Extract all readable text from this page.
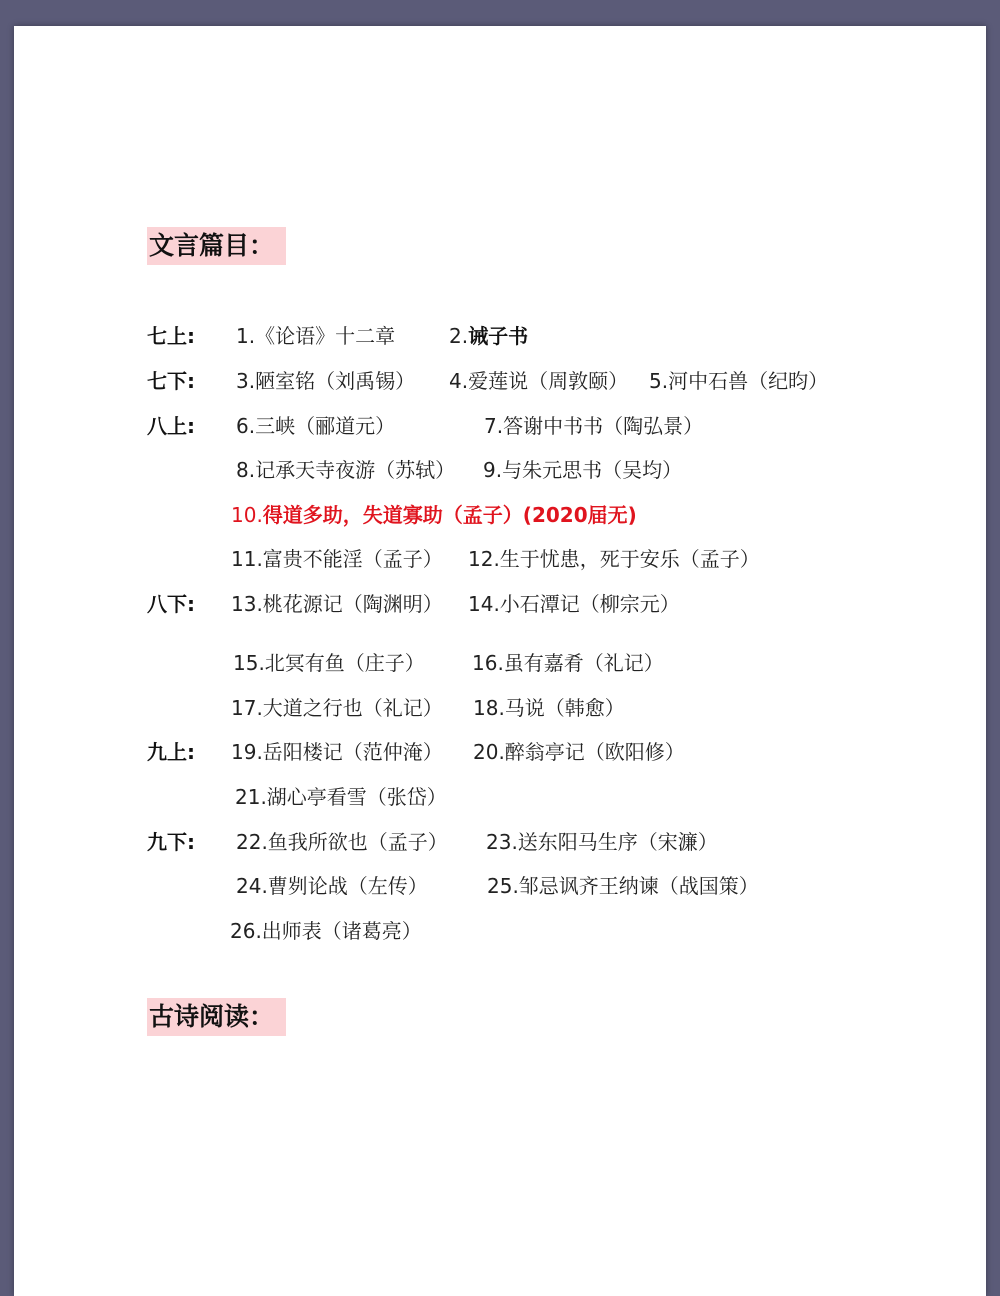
文言篇目：
七上: 1.《论语》十二章	2.诫子书
七下: 3.陋室铭（刘禹锡） 4.爱莲说（周敦颐） 5.河中石兽（纪昀）
八上: 6.三峡（郦道元）	7.答谢中书书（陶弘景）
8.记承天寺夜游（苏轼） 9.与朱元思书（吴均）
10.得道多助，失道寡助（孟子）(2020届无)
11.富贵不能淫（孟子） 12.生于忧患，死于安乐（孟子）
八下: 13.桃花源记（陶渊明） 14.小石潭记（柳宗元）
15.北冥有鱼（庄子） 16.虽有嘉肴（礼记）
17.大道之行也（礼记） 18.马说（韩愈）
九上: 19.岳阳楼记（范仲淹） 20.醉翁亭记（欧阳修）
21.湖心亭看雪（张岱）
九下: 22.鱼我所欲也（孟子） 23.送东阳马生序（宋濂）
24.曹刿论战（左传）	25.邹忌讽齐王纳谏（战国策）
26.出师表（诸葛亮）
古诗阅读：
